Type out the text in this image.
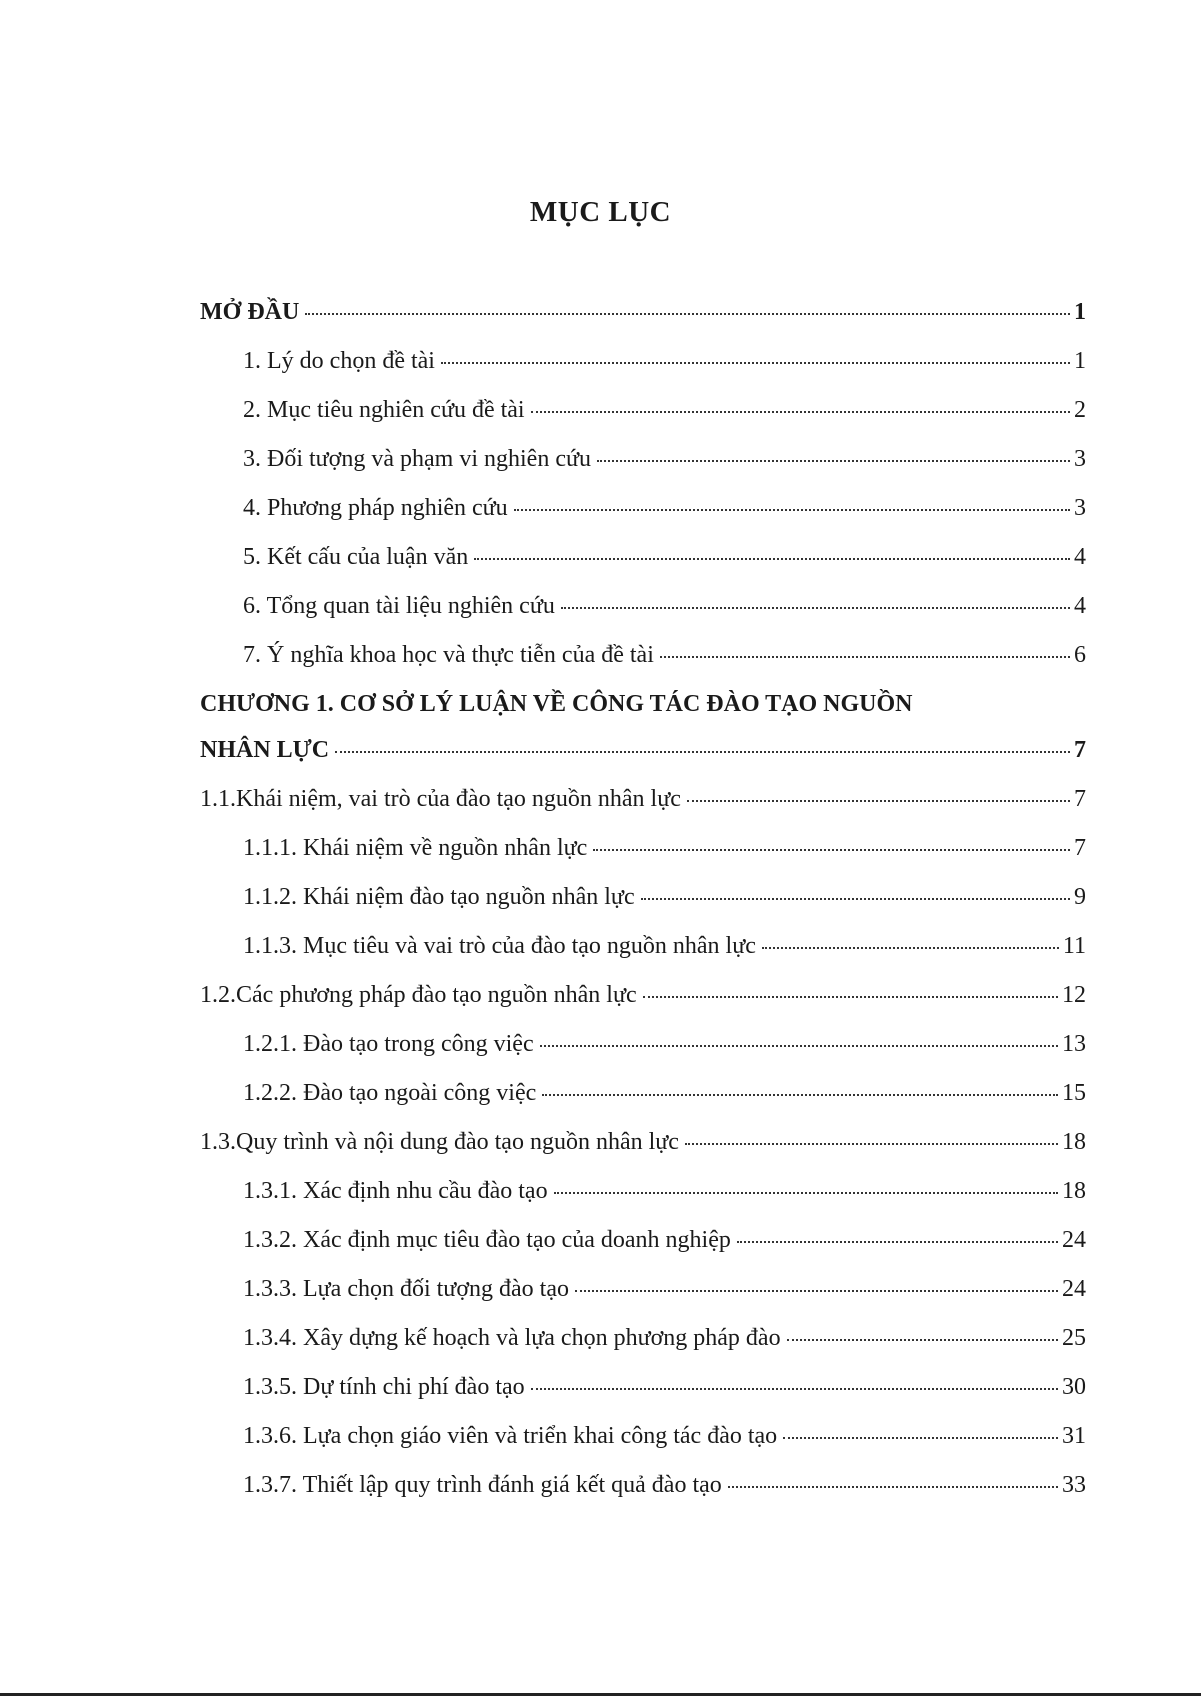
MỤC LỤC
MỞ ĐẦU	1
1. Lý do chọn đề tài	1
2. Mục tiêu nghiên cứu đề tài	2
3. Đối tượng và phạm vi nghiên cứu	3
4. Phương pháp nghiên cứu	3
5. Kết cấu của luận văn	4
6. Tổng quan tài liệu nghiên cứu	4
7. Ý nghĩa khoa học và thực tiễn của đề tài	6
CHƯƠNG 1. CƠ SỞ LÝ LUẬN VỀ CÔNG TÁC ĐÀO TẠO NGUỒN
NHÂN LỰC	7
1.1.Khái niệm, vai trò của đào tạo nguồn nhân lực	7
1.1.1. Khái niệm về nguồn nhân lực	7
1.1.2. Khái niệm đào tạo nguồn nhân lực	9
1.1.3. Mục tiêu và vai trò của đào tạo nguồn nhân lực	11
1.2.Các phương pháp đào tạo nguồn nhân lực	12
1.2.1. Đào tạo trong công việc	13
1.2.2. Đào tạo ngoài công việc	15
1.3.Quy trình và nội dung đào tạo nguồn nhân lực	18
1.3.1. Xác định nhu cầu đào tạo	18
1.3.2. Xác định mục tiêu đào tạo của doanh nghiệp	24
1.3.3. Lựa chọn đối tượng đào tạo	24
1.3.4. Xây dựng kế hoạch và lựa chọn phương pháp đào	25
1.3.5. Dự tính chi phí đào tạo	30
1.3.6. Lựa chọn giáo viên và triển khai công tác đào tạo	31
1.3.7. Thiết lập quy trình đánh giá kết quả đào tạo	33
